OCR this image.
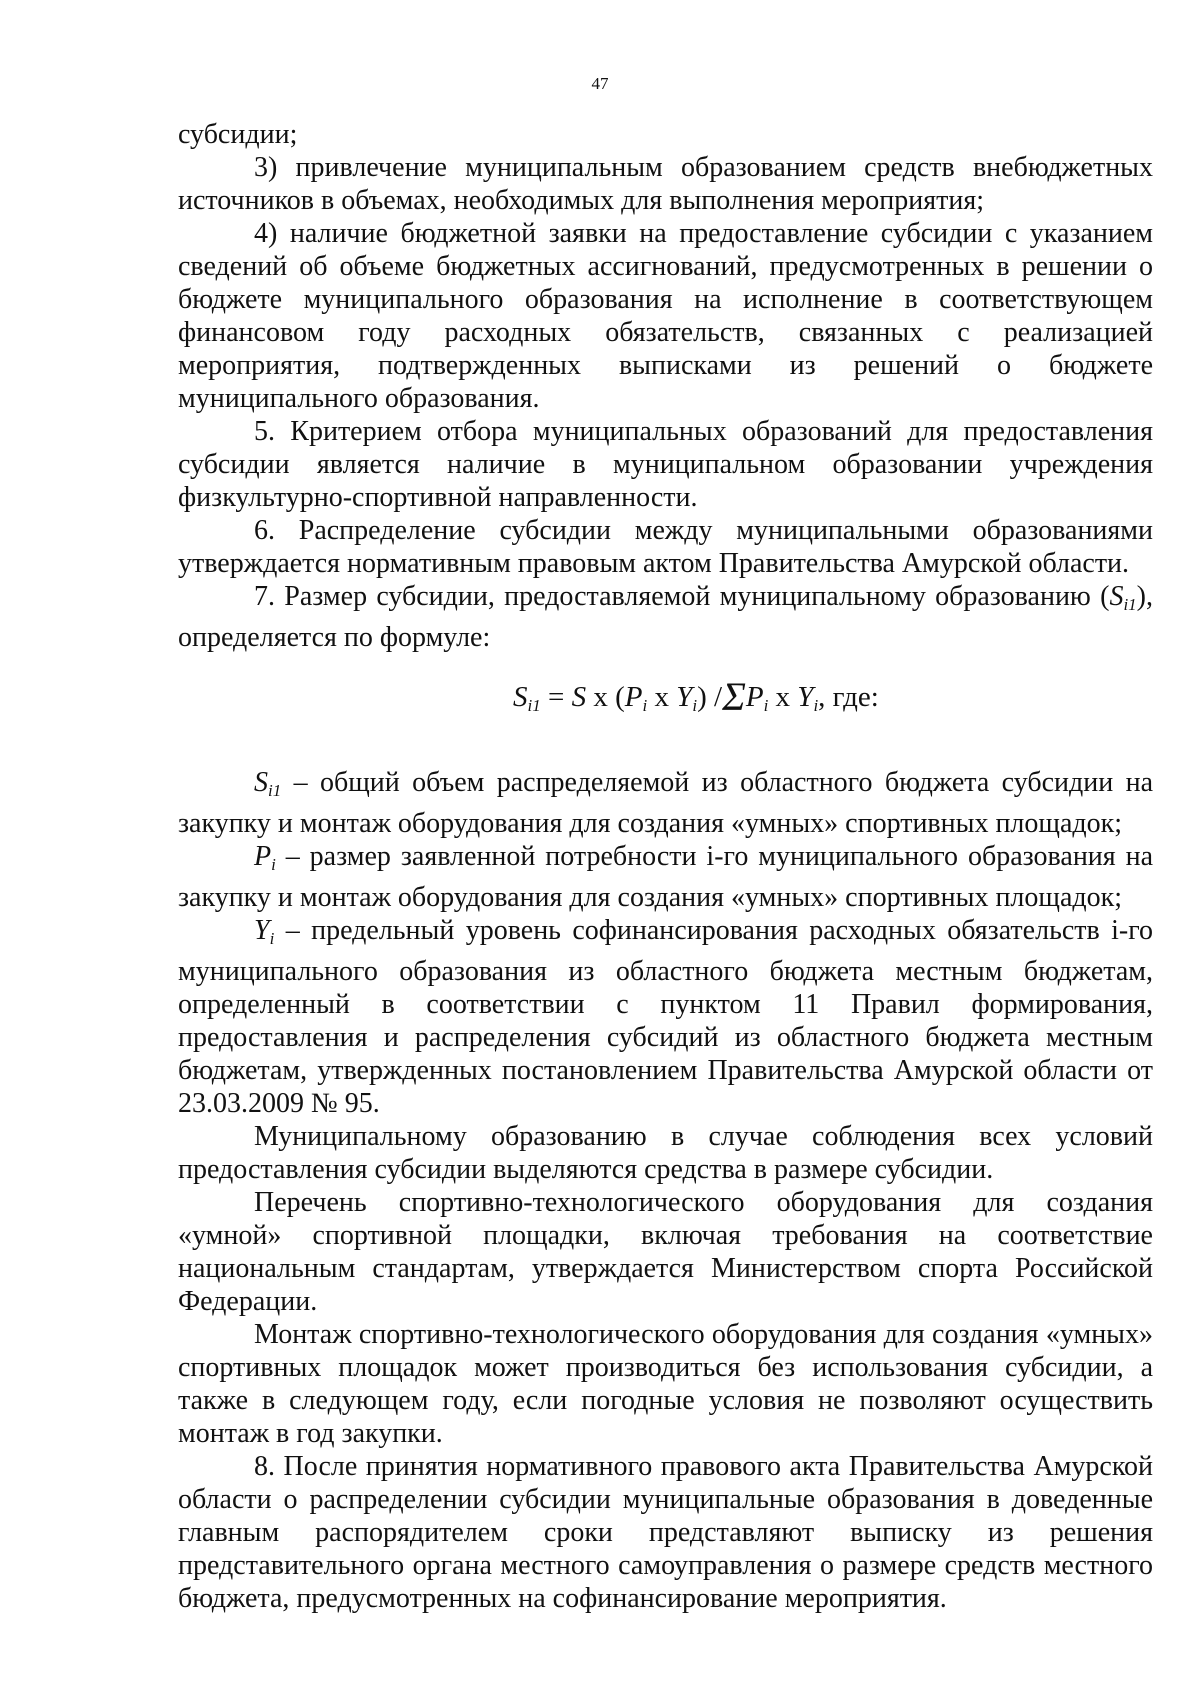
47

субсидии;

3) привлечение муниципальным образованием средств внебюджетных источников в объемах, необходимых для выполнения мероприятия;

4) наличие бюджетной заявки на предоставление субсидии с указанием сведений об объеме бюджетных ассигнований, предусмотренных в решении о бюджете муниципального образования на исполнение в соответствующем финансовом году расходных обязательств, связанных с реализацией мероприятия, подтвержденных выписками из решений о бюджете муниципального образования.

5. Критерием отбора муниципальных образований для предоставления субсидии является наличие в муниципальном образовании учреждения физкультурно-спортивной направленности.

6. Распределение субсидии между муниципальными образованиями утверждается нормативным правовым актом Правительства Амурской области.

7. Размер субсидии, предоставляемой муниципальному образованию $(S_{i1})$, определяется по формуле:

$S_{i1} = S$ x ($P_i$ x $Y_i$) $/\Sigma P_i$ x $Y_i$, где:

$S_{i1}$ – общий объем распределяемой из областного бюджета субсидии на закупку и монтаж оборудования для создания «умных» спортивных площадок;

$P_i$ – размер заявленной потребности i-го муниципального образования на закупку и монтаж оборудования для создания «умных» спортивных площадок;

$Y_i$ – предельный уровень софинансирования расходных обязательств i-го муниципального образования из областного бюджета местным бюджетам, определенный в соответствии с пунктом 11 Правил формирования, предоставления и распределения субсидий из областного бюджета местным бюджетам, утвержденных постановлением Правительства Амурской области от 23.03.2009 № 95.

Муниципальному образованию в случае соблюдения всех условий предоставления субсидии выделяются средства в размере субсидии.

Перечень спортивно-технологического оборудования для создания «умной» спортивной площадки, включая требования на соответствие национальным стандартам, утверждается Министерством спорта Российской Федерации.

Монтаж спортивно-технологического оборудования для создания «умных» спортивных площадок может производиться без использования субсидии, а также в следующем году, если погодные условия не позволяют осуществить монтаж в год закупки.

8. После принятия нормативного правового акта Правительства Амурской области о распределении субсидии муниципальные образования в доведенные главным распорядителем сроки представляют выписку из решения представительного органа местного самоуправления о размере средств местного бюджета, предусмотренных на софинансирование мероприятия.
